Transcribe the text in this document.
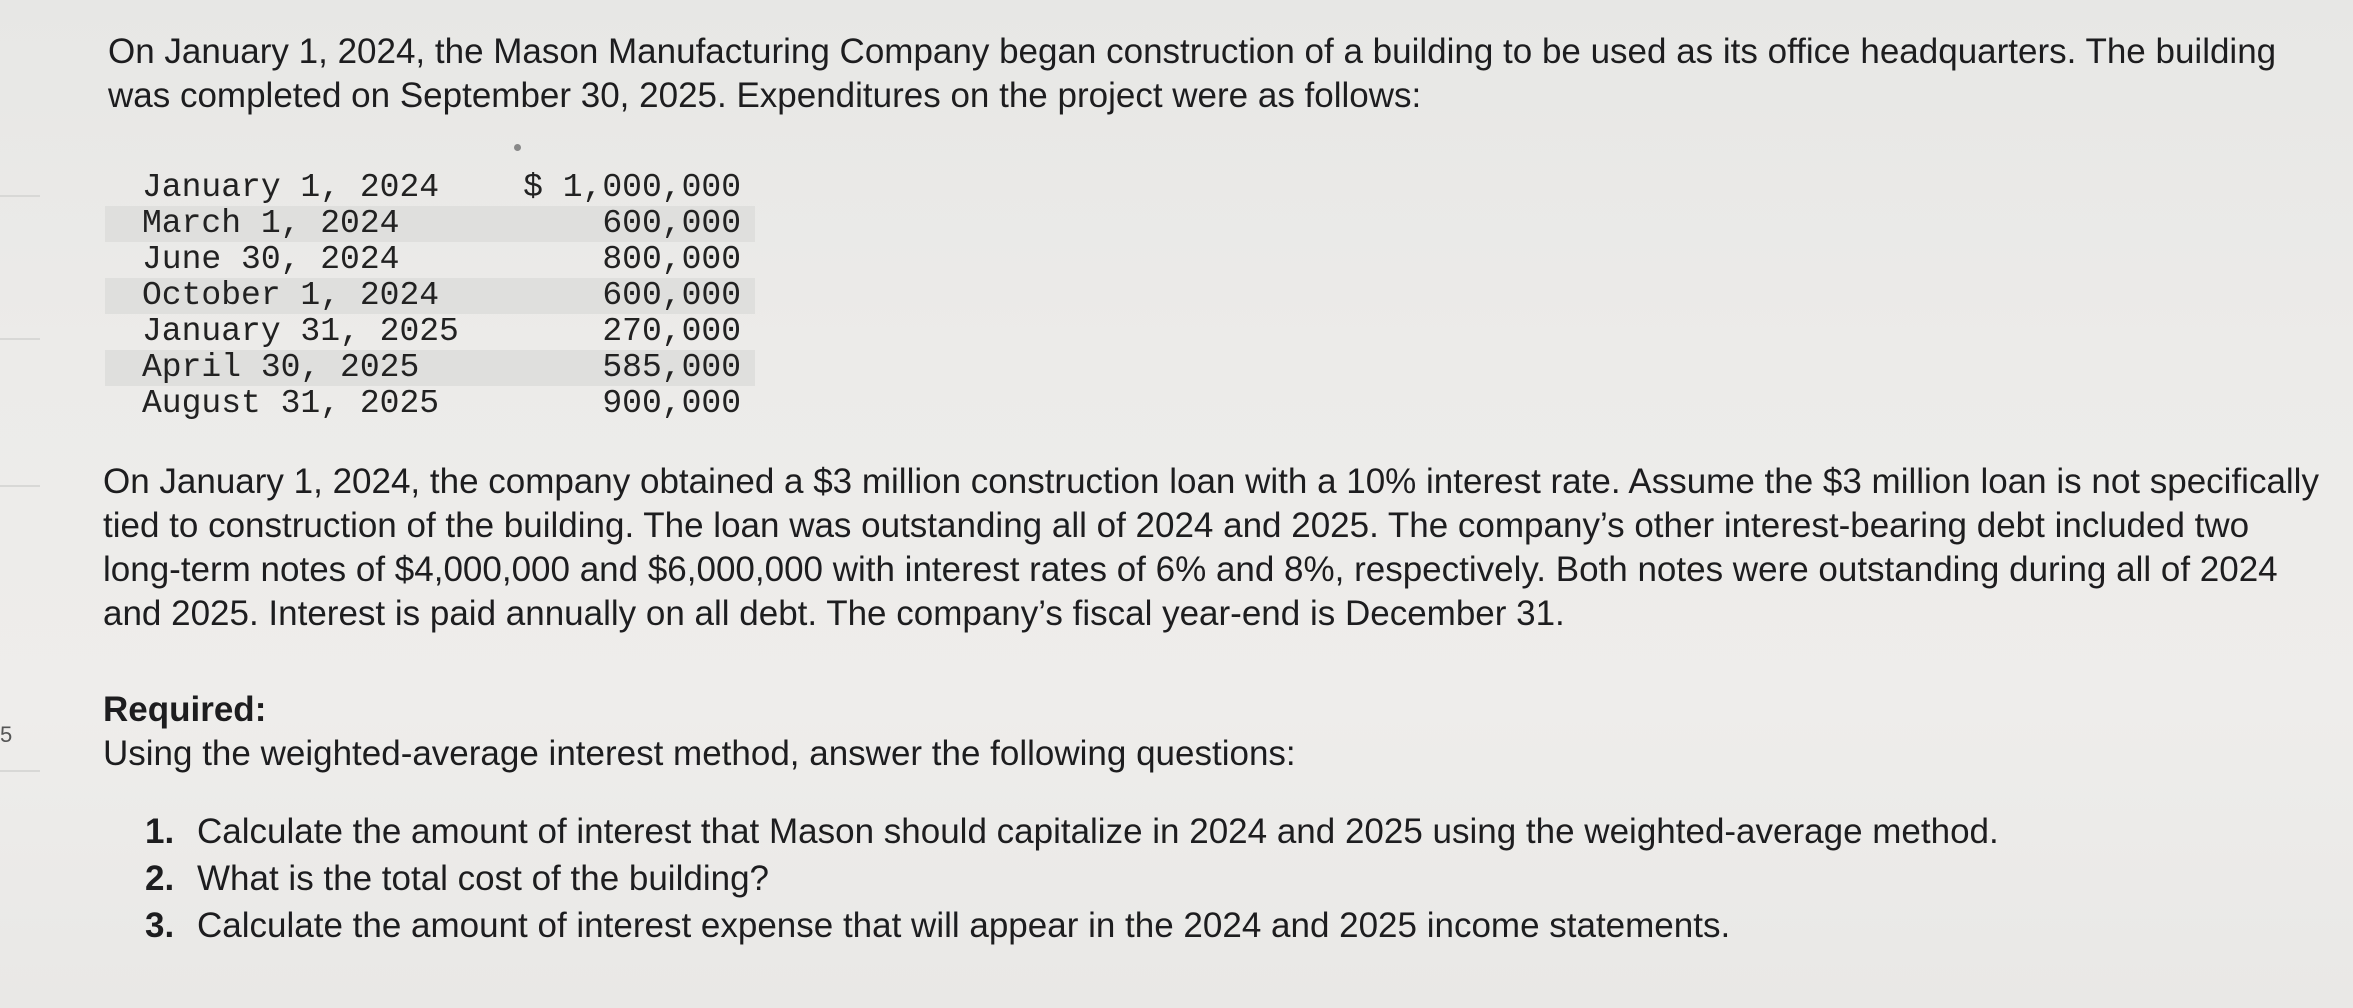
5

On January 1, 2024, the Mason Manufacturing Company began construction of a building to be used as its office headquarters. The building was completed on September 30, 2025. Expenditures on the project were as follows:

January 1, 2024	$ 1,000,000
March 1, 2024	600,000
June 30, 2024	800,000
October 1, 2024	600,000
January 31, 2025	270,000
April 30, 2025	585,000
August 31, 2025	900,000

On January 1, 2024, the company obtained a $3 million construction loan with a 10% interest rate. Assume the $3 million loan is not specifically tied to construction of the building. The loan was outstanding all of 2024 and 2025. The company’s other interest-bearing debt included two long-term notes of $4,000,000 and $6,000,000 with interest rates of 6% and 8%, respectively. Both notes were outstanding during all of 2024 and 2025. Interest is paid annually on all debt. The company’s fiscal year-end is December 31.

Required:
Using the weighted-average interest method, answer the following questions:
1. Calculate the amount of interest that Mason should capitalize in 2024 and 2025 using the weighted-average method.
2. What is the total cost of the building?
3. Calculate the amount of interest expense that will appear in the 2024 and 2025 income statements.
